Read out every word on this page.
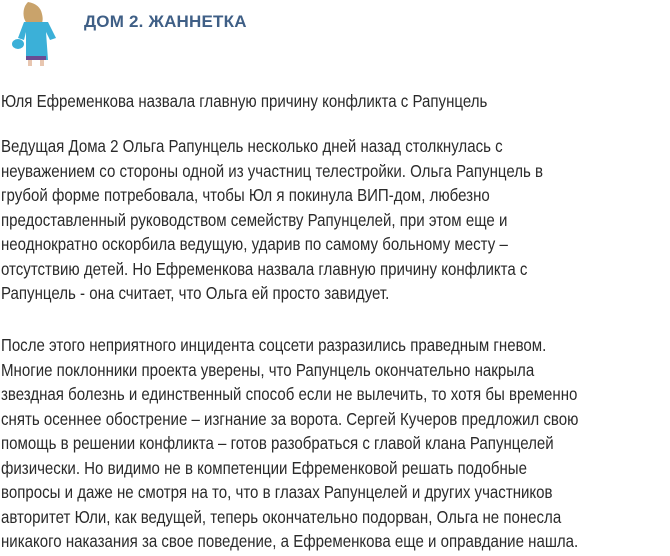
ДОМ 2. ЖАННЕТКА
Юля Ефременкова назвала главную причину конфликта с Рапунцель
Ведущая Дома 2 Ольга Рапунцель несколько дней назад столкнулась с
неуважением со стороны одной из участниц телестройки. Ольга Рапунцель в
грубой форме потребовала, чтобы Юл я покинула ВИП-дом, любезно
предоставленный руководством семейству Рапунцелей, при этом еще и
неоднократно оскорбила ведущую, ударив по самому больному месту –
отсутствию детей. Но Ефременкова назвала главную причину конфликта с
Рапунцель - она считает, что Ольга ей просто завидует.
После этого неприятного инцидента соцсети разразились праведным гневом.
Многие поклонники проекта уверены, что Рапунцель окончательно накрыла
звездная болезнь и единственный способ если не вылечить, то хотя бы временно
снять осеннее обострение – изгнание за ворота. Сергей Кучеров предложил свою
помощь в решении конфликта – готов разобраться с главой клана Рапунцелей
физически. Но видимо не в компетенции Ефременковой решать подобные
вопросы и даже не смотря на то, что в глазах Рапунцелей и других участников
авторитет Юли, как ведущей, теперь окончательно подорван, Ольга не понесла
никакого наказания за свое поведение, а Ефременкова еще и оправдание нашла.
